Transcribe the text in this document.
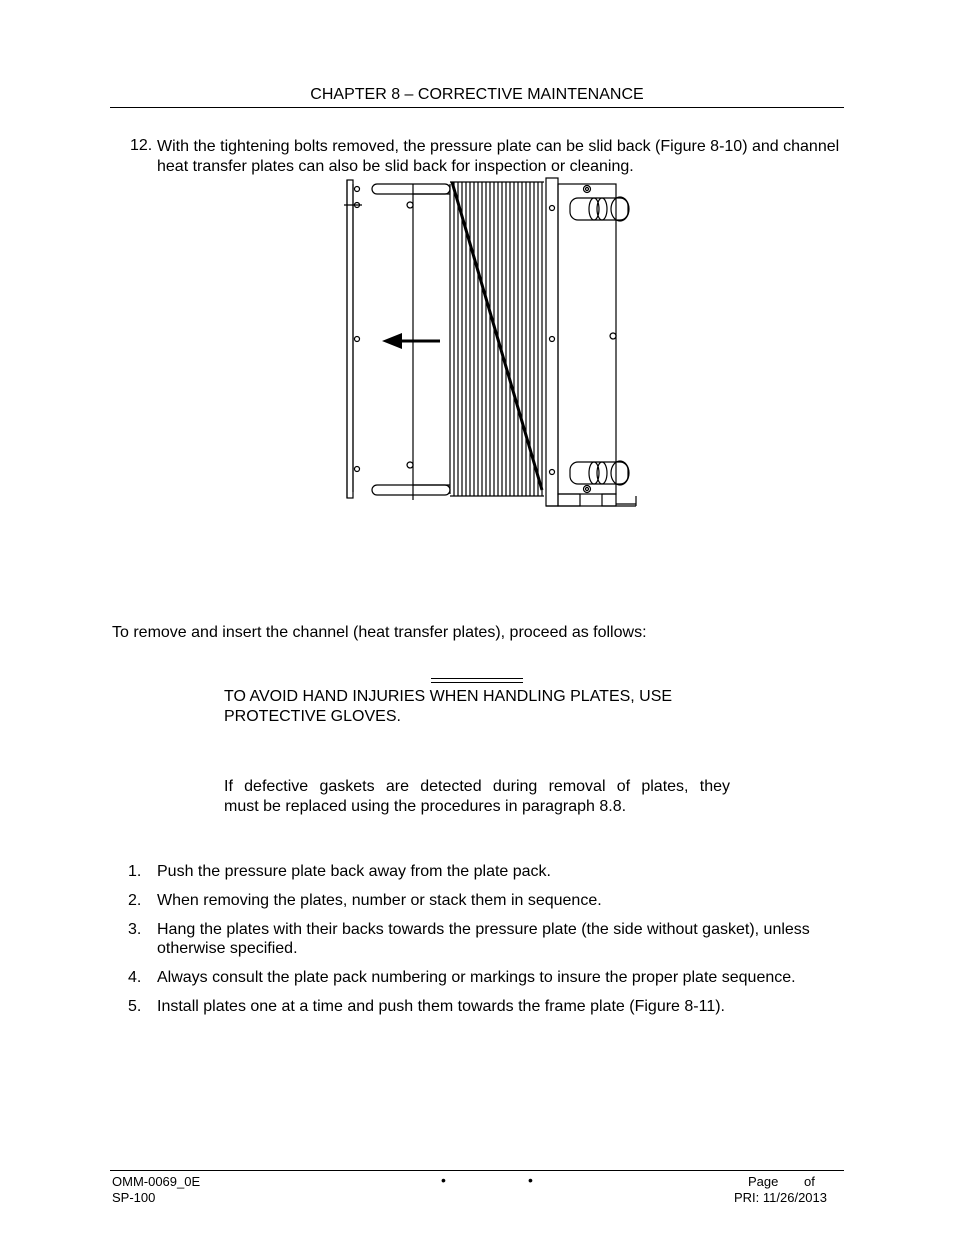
CHAPTER 8 – CORRECTIVE MAINTENANCE
12. With the tightening bolts removed, the pressure plate can be slid back (Figure 8-10) and channel heat transfer plates can also be slid back for inspection or cleaning.
To remove and insert the channel (heat transfer plates), proceed as follows:
TO AVOID HAND INJURIES WHEN HANDLING PLATES, USE PROTECTIVE GLOVES.
If defective gaskets are detected during removal of plates, they
must be replaced using the procedures in paragraph 8.8.
1. Push the pressure plate back away from the plate pack.
2. When removing the plates, number or stack them in sequence.
3. Hang the plates with their backs towards the pressure plate (the side without gasket), unless otherwise specified.
4. Always consult the plate pack numbering or markings to insure the proper plate sequence.
5. Install plates one at a time and push them towards the frame plate (Figure 8-11).
OMM-0069_0E
SP-100
•	•	Page of
PRI: 11/26/2013
